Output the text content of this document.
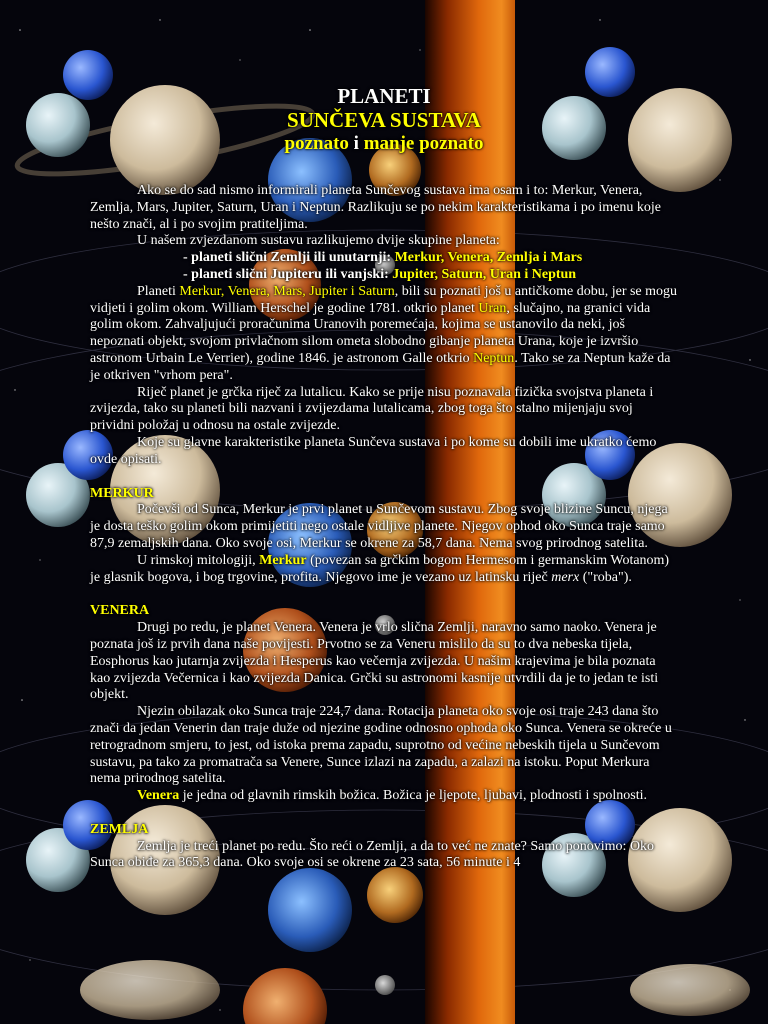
PLANETI

SUNČEVA SUSTAVA

poznato i manje poznato

Ako se do sad nismo informirali planeta Sunčevog sustava ima osam i to: Merkur, Venera, Zemlja, Mars, Jupiter, Saturn, Uran i Neptun. Razlikuju se po nekim karakteristikama i po imenu koje nešto znači, al i po svojim pratiteljima.

U našem zvjezdanom sustavu razlikujemo dvije skupine planeta:

- planeti slični Zemlji ili unutarnji: Merkur, Venera, Zemlja i Mars

- planeti slični Jupiteru ili vanjski: Jupiter, Saturn, Uran i Neptun

Planeti Merkur, Venera, Mars, Jupiter i Saturn, bili su poznati još u antičkome dobu, jer se mogu vidjeti i golim okom. William Herschel je godine 1781. otkrio planet Uran, slučajno, na granici vida golim okom. Zahvaljujući proračunima Uranovih poremećaja, kojima se ustanovilo da neki, još nepoznati objekt, svojom privlačnom silom ometa slobodno gibanje planeta Urana, koje je izvršio astronom Urbain Le Verrier), godine 1846. je astronom Galle otkrio Neptun. Tako se za Neptun kaže da je otkriven "vrhom pera".

Riječ planet je grčka riječ za lutalicu. Kako se prije nisu poznavala fizička svojstva planeta i zvijezda, tako su planeti bili nazvani i zvijezdama lutalicama, zbog toga što stalno mijenjaju svoj prividni položaj u odnosu na ostale zvijezde.

Koje su glavne karakteristike planeta Sunčeva sustava i po kome su dobili ime ukratko ćemo ovde opisati.

MERKUR

Počevši od Sunca, Merkur je prvi planet u Sunčevom sustavu. Zbog svoje blizine Suncu, njega je dosta teško golim okom primijetiti nego ostale vidljive planete. Njegov ophod oko Sunca traje samo 87,9 zemaljskih dana. Oko svoje osi, Merkur se okrene za 58,7 dana. Nema svog prirodnog satelita.

U rimskoj mitologiji, Merkur (povezan sa grčkim bogom Hermesom i germanskim Wotanom) je glasnik bogova, i bog trgovine, profita. Njegovo ime je vezano uz latinsku riječ merx ("roba").

VENERA

Drugi po redu, je planet Venera. Venera je vrlo slična Zemlji, naravno samo naoko. Venera je poznata još iz prvih dana naše povijesti. Prvotno se za Veneru mislilo da su to dva nebeska tijela, Eosphorus kao jutarnja zvijezda i Hesperus kao večernja zvijezda. U našim krajevima je bila poznata kao zvijezda Večernica i kao zvijezda Danica. Grčki su astronomi kasnije utvrdili da je to jedan te isti objekt.

Njezin obilazak oko Sunca traje 224,7 dana. Rotacija planeta oko svoje osi traje 243 dana što znači da jedan Venerin dan traje duže od njezine godine odnosno ophoda oko Sunca. Venera se okreće u retrogradnom smjeru, to jest, od istoka prema zapadu, suprotno od većine nebeskih tijela u Sunčevom sustavu, pa tako za promatrača sa Venere, Sunce izlazi na zapadu, a zalazi na istoku. Poput Merkura nema prirodnog satelita.

Venera je jedna od glavnih rimskih božica. Božica je ljepote, ljubavi, plodnosti i spolnosti.

ZEMLJA

Zemlja je treći planet po redu. Što reći o Zemlji, a da to već ne znate? Samo ponovimo: Oko Sunca obiđe za 365,3 dana. Oko svoje osi se okrene za 23 sata, 56 minute i 4
